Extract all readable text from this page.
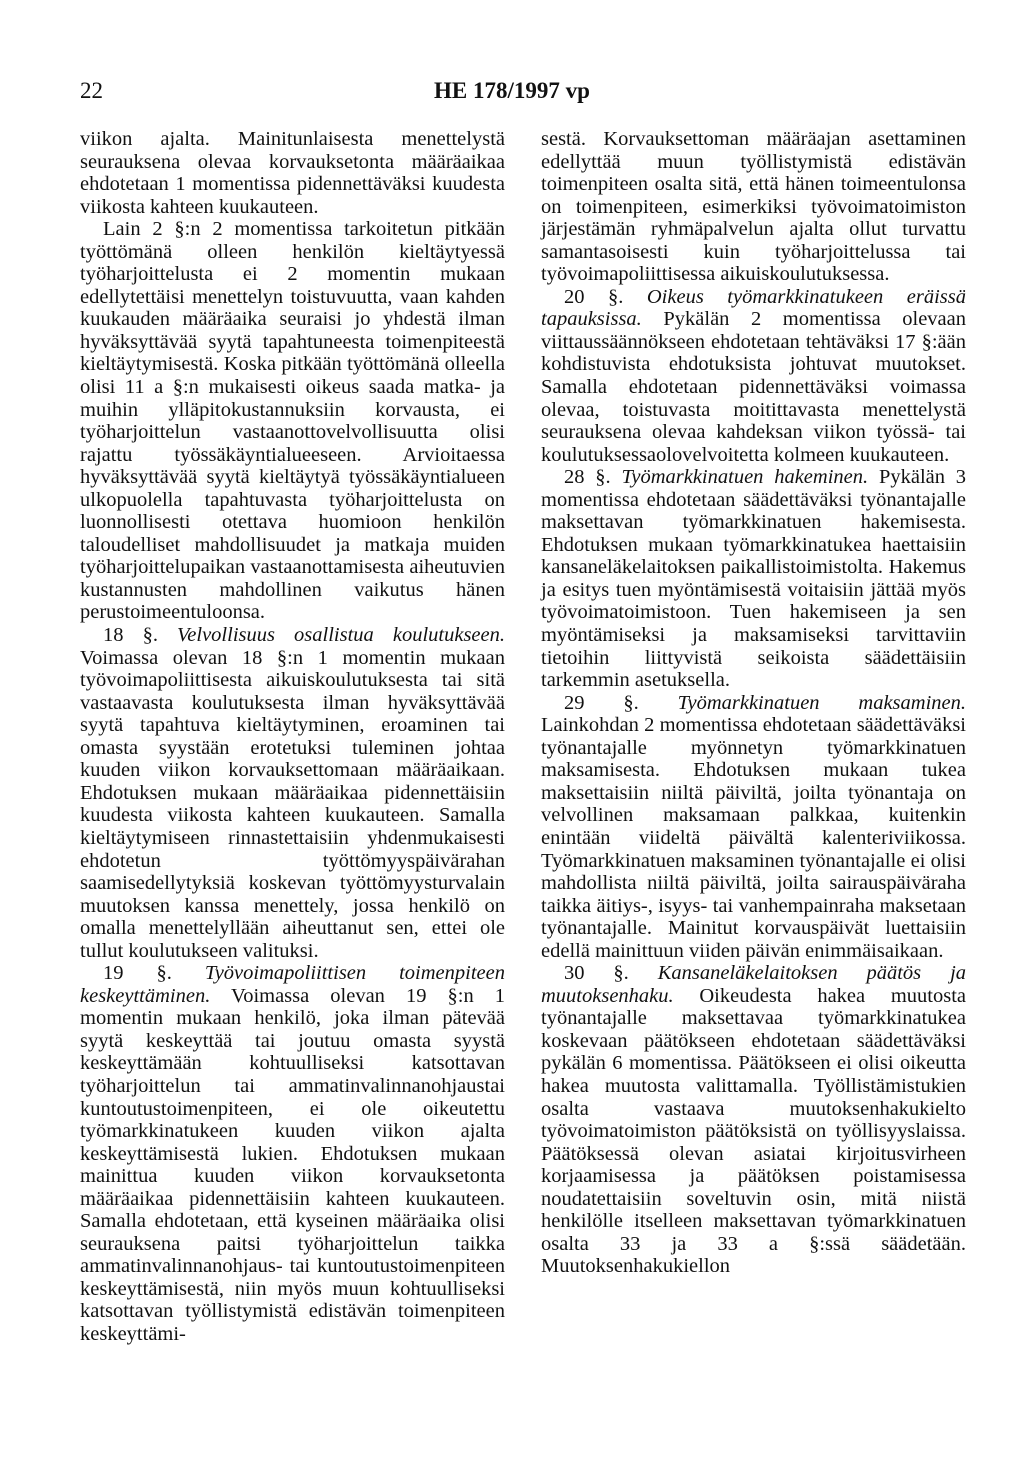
22	HE 178/1997 vp

viikon ajalta. Mainitunlaisesta menettelystä seurauksena olevaa korvauksetonta määräaikaa ehdotetaan 1 momentissa pidennettäväksi kuudesta viikosta kahteen kuukauteen.

Lain 2 §:n 2 momentissa tarkoitetun pitkään työttömänä olleen henkilön kieltäytyessä työharjoittelusta ei 2 momentin mukaan edellytettäisi menettelyn toistuvuutta, vaan kahden kuukauden määräaika seuraisi jo yhdestä ilman hyväksyttävää syytä tapahtuneesta toimenpiteestä kieltäytymisestä. Koska pitkään työttömänä olleella olisi 11 a §:n mukaisesti oikeus saada matka- ja muihin ylläpitokustannuksiin korvausta, ei työharjoittelun vastaanottovelvollisuutta olisi rajattu työssäkäyntialueeseen. Arvioitaessa hyväksyttävää syytä kieltäytyä työssäkäyntialueen ulkopuolella tapahtuvasta työharjoittelusta on luonnollisesti otettava huomioon henkilön taloudelliset mahdollisuudet ja matkaja muiden työharjoittelupaikan vastaanottamisesta aiheutuvien kustannusten mahdollinen vaikutus hänen perustoimeentuloonsa.

18 §. Velvollisuus osallistua koulutukseen. Voimassa olevan 18 §:n 1 momentin mukaan työvoimapoliittisesta aikuiskoulutuksesta tai sitä vastaavasta koulutuksesta ilman hyväksyttävää syytä tapahtuva kieltäytyminen, eroaminen tai omasta syystään erotetuksi tuleminen johtaa kuuden viikon korvauksettomaan määräaikaan. Ehdotuksen mukaan määräaikaa pidennettäisiin kuudesta viikosta kahteen kuukauteen. Samalla kieltäytymiseen rinnastettaisiin yhdenmukaisesti ehdotetun työttömyyspäivärahan saamisedellytyksiä koskevan työttömyysturvalain muutoksen kanssa menettely, jossa henkilö on omalla menettelyllään aiheuttanut sen, ettei ole tullut koulutukseen valituksi.

19 §. Työvoimapoliittisen toimenpiteen keskeyttäminen. Voimassa olevan 19 §:n 1 momentin mukaan henkilö, joka ilman pätevää syytä keskeyttää tai joutuu omasta syystä keskeyttämään kohtuulliseksi katsottavan työharjoittelun tai ammatinvalinnanohjaustai kuntoutustoimenpiteen, ei ole oikeutettu työmarkkinatukeen kuuden viikon ajalta keskeyttämisestä lukien. Ehdotuksen mukaan mainittua kuuden viikon korvauksetonta määräaikaa pidennettäisiin kahteen kuukauteen. Samalla ehdotetaan, että kyseinen määräaika olisi seurauksena paitsi työharjoittelun taikka ammatinvalinnanohjaus- tai kuntoutustoimenpiteen keskeyttämisestä, niin myös muun kohtuulliseksi katsottavan työllistymistä edistävän toimenpiteen keskeyttämi-

sestä. Korvauksettoman määräajan asettaminen edellyttää muun työllistymistä edistävän toimenpiteen osalta sitä, että hänen toimeentulonsa on toimenpiteen, esimerkiksi työvoimatoimiston järjestämän ryhmäpalvelun ajalta ollut turvattu samantasoisesti kuin työharjoittelussa tai työvoimapoliittisessa aikuiskoulutuksessa.

20 §. Oikeus työmarkkinatukeen eräissä tapauksissa. Pykälän 2 momentissa olevaan viittaussäännökseen ehdotetaan tehtäväksi 17 §:ään kohdistuvista ehdotuksista johtuvat muutokset. Samalla ehdotetaan pidennettäväksi voimassa olevaa, toistuvasta moitittavasta menettelystä seurauksena olevaa kahdeksan viikon työssä- tai koulutuksessaolovelvoitetta kolmeen kuukauteen.

28 §. Työmarkkinatuen hakeminen. Pykälän 3 momentissa ehdotetaan säädettäväksi työnantajalle maksettavan työmarkkinatuen hakemisesta. Ehdotuksen mukaan työmarkkinatukea haettaisiin kansaneläkelaitoksen paikallistoimistolta. Hakemus ja esitys tuen myöntämisestä voitaisiin jättää myös työvoimatoimistoon. Tuen hakemiseen ja sen myöntämiseksi ja maksamiseksi tarvittaviin tietoihin liittyvistä seikoista säädettäisiin tarkemmin asetuksella.

29 §. Työmarkkinatuen maksaminen. Lainkohdan 2 momentissa ehdotetaan säädettäväksi työnantajalle myönnetyn työmarkkinatuen maksamisesta. Ehdotuksen mukaan tukea maksettaisiin niiltä päiviltä, joilta työnantaja on velvollinen maksamaan palkkaa, kuitenkin enintään viideltä päivältä kalenteriviikossa. Työmarkkinatuen maksaminen työnantajalle ei olisi mahdollista niiltä päiviltä, joilta sairauspäiväraha taikka äitiys-, isyys- tai vanhempainraha maksetaan työnantajalle. Mainitut korvauspäivät luettaisiin edellä mainittuun viiden päivän enimmäisaikaan.

30 §. Kansaneläkelaitoksen päätös ja muutoksenhaku. Oikeudesta hakea muutosta työnantajalle maksettavaa työmarkkinatukea koskevaan päätökseen ehdotetaan säädettäväksi pykälän 6 momentissa. Päätökseen ei olisi oikeutta hakea muutosta valittamalla. Työllistämistukien osalta vastaava muutoksenhakukielto työvoimatoimiston päätöksistä on työllisyyslaissa. Päätöksessä olevan asiatai kirjoitusvirheen korjaamisessa ja päätöksen poistamisessa noudatettaisiin soveltuvin osin, mitä niistä henkilölle itselleen maksettavan työmarkkinatuen osalta 33 ja 33 a §:ssä säädetään. Muutoksenhakukiellon
